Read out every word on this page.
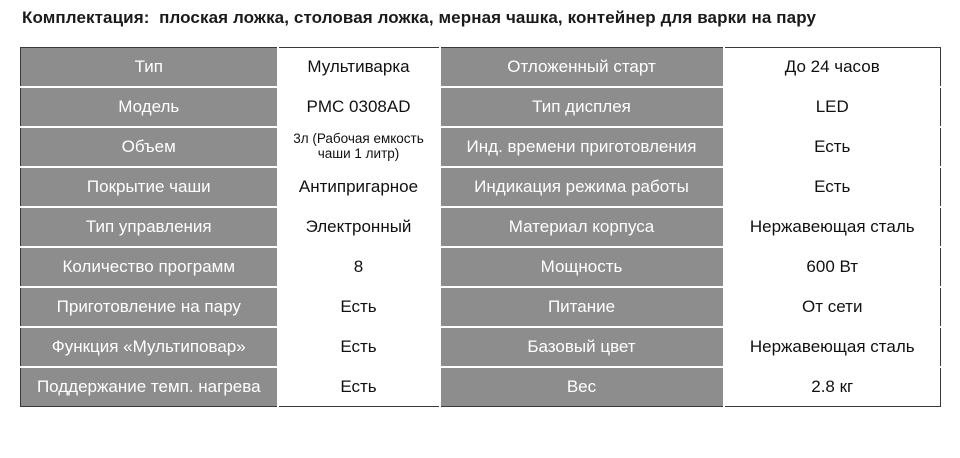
Комплектация:  плоская ложка, столовая ложка, мерная чашка, контейнер для варки на пару
Тип	Мультиварка	Отложенный старт	До 24 часов
Модель	PMC 0308AD	Тип дисплея	LED
Объем	3л (Рабочая емкость чаши 1 литр)	Инд. времени приготовления	Есть
Покрытие чаши	Антипригарное	Индикация режима работы	Есть
Тип управления	Электронный	Материал корпуса	Нержавеющая сталь
Количество программ	8	Мощность	600 Вт
Приготовление на пару	Есть	Питание	От сети
Функция «Мультиповар»	Есть	Базовый цвет	Нержавеющая сталь
Поддержание темп. нагрева	Есть	Вес	2.8 кг
